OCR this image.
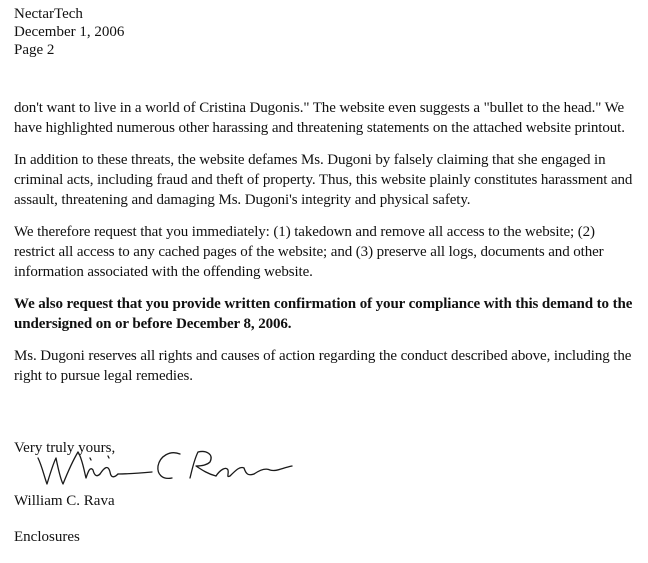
NectarTech
December 1, 2006
Page 2

don't want to live in a world of Cristina Dugonis." The website even suggests a "bullet to the head." We have highlighted numerous other harassing and threatening statements on the attached website printout.

In addition to these threats, the website defames Ms. Dugoni by falsely claiming that she engaged in criminal acts, including fraud and theft of property. Thus, this website plainly constitutes harassment and assault, threatening and damaging Ms. Dugoni's integrity and physical safety.

We therefore request that you immediately: (1) takedown and remove all access to the website; (2) restrict all access to any cached pages of the website; and (3) preserve all logs, documents and other information associated with the offending website.

We also request that you provide written confirmation of your compliance with this demand to the undersigned on or before December 8, 2006.

Ms. Dugoni reserves all rights and causes of action regarding the conduct described above, including the right to pursue legal remedies.

Very truly yours,
William C. Rava
Enclosures
